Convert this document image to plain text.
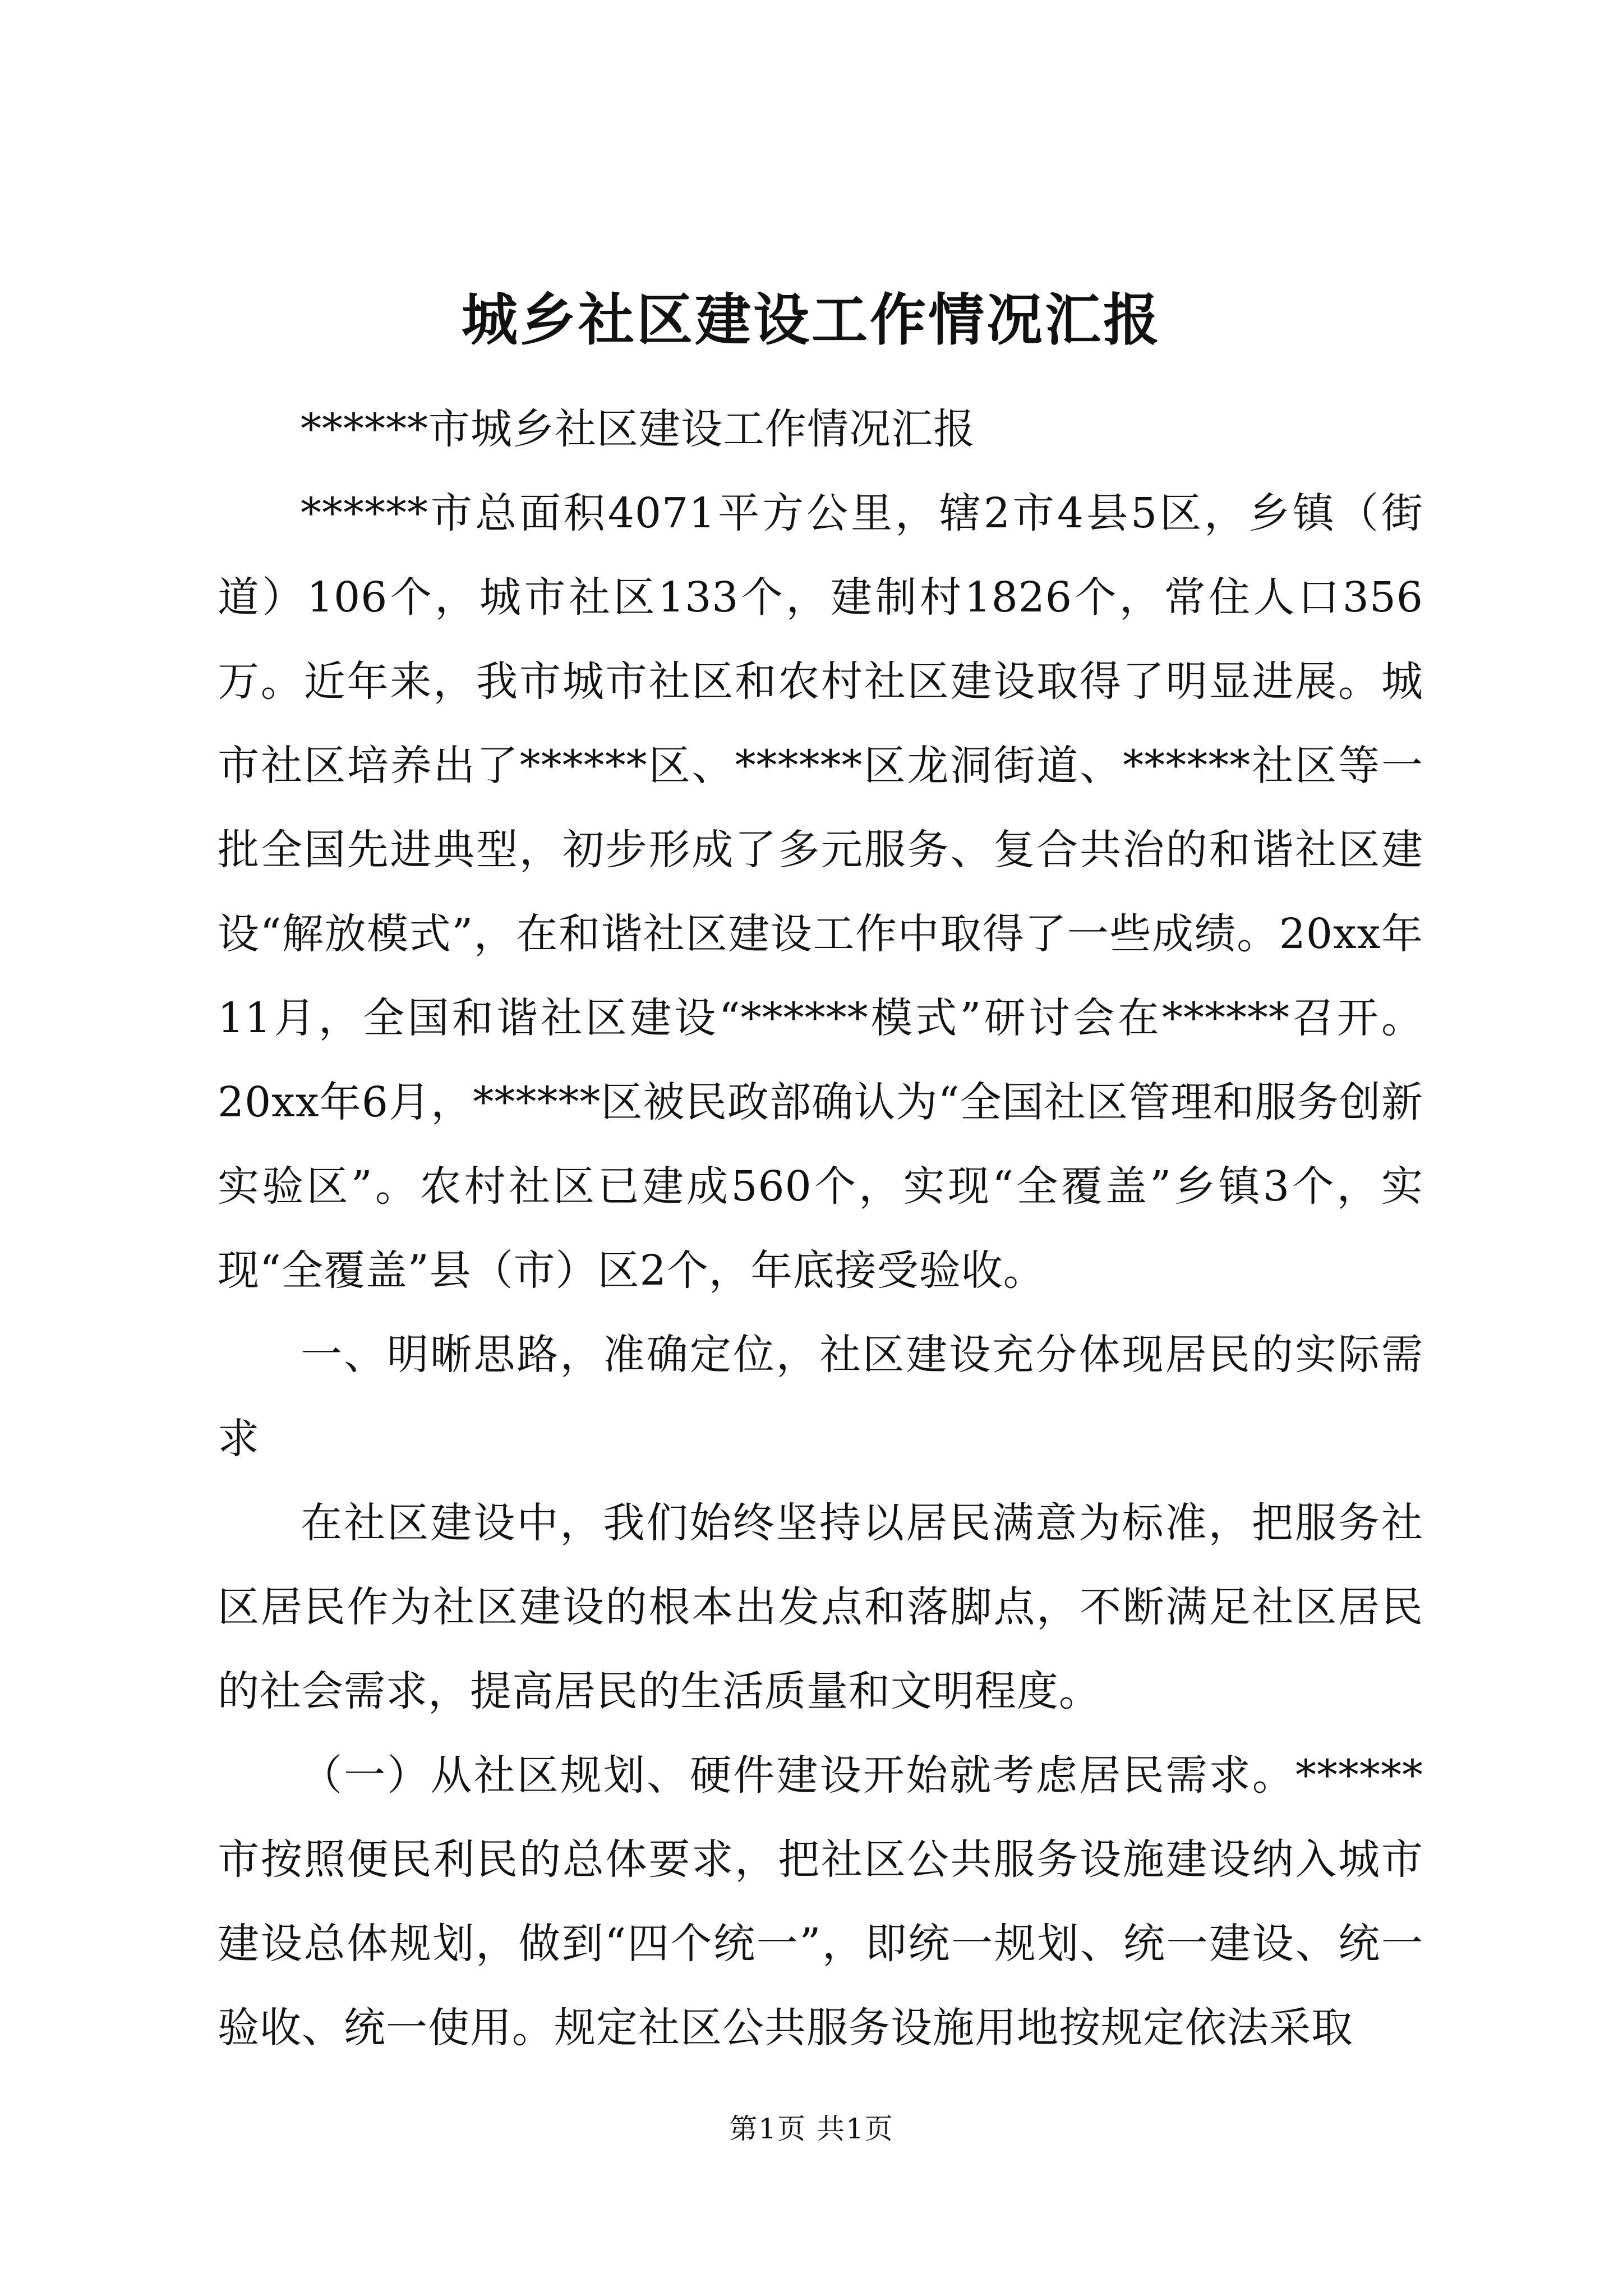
城乡社区建设工作情况汇报

******市城乡社区建设工作情况汇报

******市总面积4071平方公里，辖2市4县5区，乡镇（街道）106个，城市社区133个，建制村1826个，常住人口356万。近年来，我市城市社区和农村社区建设取得了明显进展。城市社区培养出了******区、******区龙洞街道、******社区等一批全国先进典型，初步形成了多元服务、复合共治的和谐社区建设“解放模式”，在和谐社区建设工作中取得了一些成绩。20xx年11月，全国和谐社区建设“******模式”研讨会在******召开。20xx年6月，******区被民政部确认为“全国社区管理和服务创新实验区”。农村社区已建成560个，实现“全覆盖”乡镇3个，实现“全覆盖”县（市）区2个，年底接受验收。

一、明晰思路，准确定位，社区建设充分体现居民的实际需求

在社区建设中，我们始终坚持以居民满意为标准，把服务社区居民作为社区建设的根本出发点和落脚点，不断满足社区居民的社会需求，提高居民的生活质量和文明程度。

（一）从社区规划、硬件建设开始就考虑居民需求。******市按照便民利民的总体要求，把社区公共服务设施建设纳入城市建设总体规划，做到“四个统一”，即统一规划、统一建设、统一验收、统一使用。规定社区公共服务设施用地按规定依法采取

第1页 共1页
